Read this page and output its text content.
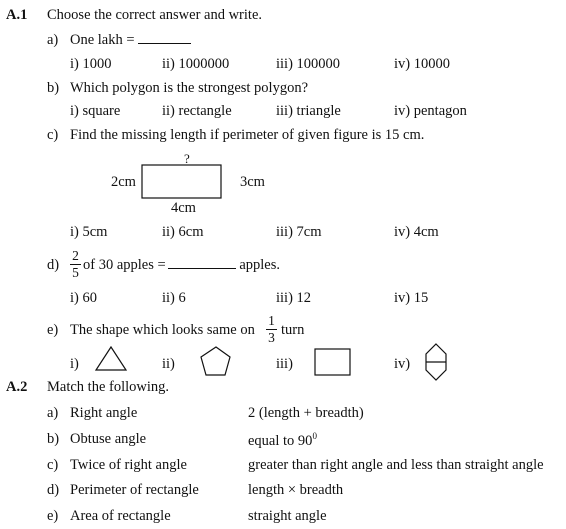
A.1 Choose the correct answer and write.
a) One lakh =
i) 1000	ii) 1000000	iii) 100000	iv) 10000
b) Which polygon is the strongest polygon?
i) square	ii) rectangle	iii) triangle	iv) pentagon
c) Find the missing length if perimeter of given figure is 15 cm.
?
2cm	3cm
4cm
i) 5cm	ii) 6cm	iii) 7cm	iv) 4cm
d)
2
5 of 30 apples =	apples.
i) 60	ii) 6	iii) 12	iv) 15
e) The shape which looks same on
1
3 turn
i)	ii)	iii)	iv)
A.2 Match the following.
a) Right angle	2 (length + breadth)
b) Obtuse angle	equal to $90^0$
c) Twice of right angle	greater than right angle and less than straight angle
d) Perimeter of rectangle	length × breadth
e) Area of rectangle	straight angle
